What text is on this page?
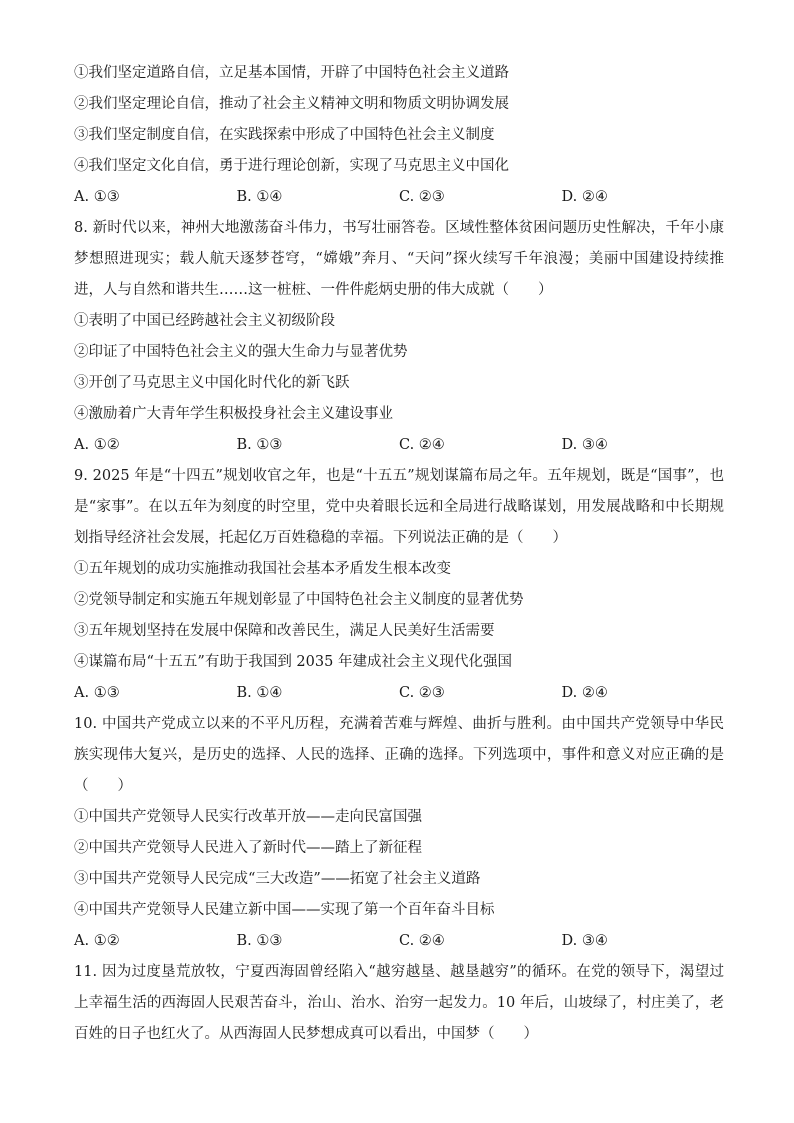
①我们坚定道路自信，立足基本国情，开辟了中国特色社会主义道路
②我们坚定理论自信，推动了社会主义精神文明和物质文明协调发展
③我们坚定制度自信，在实践探索中形成了中国特色社会主义制度
④我们坚定文化自信，勇于进行理论创新，实现了马克思主义中国化
A. ①③	B. ①④	C. ②③	D. ②④
8. 新时代以来，神州大地激荡奋斗伟力，书写壮丽答卷。区域性整体贫困问题历史性解决，千年小康梦想照进现实；载人航天逐梦苍穹，“嫦娥”奔月、“天问”探火续写千年浪漫；美丽中国建设持续推进，人与自然和谐共生……这一桩桩、一件件彪炳史册的伟大成就（　　）
①表明了中国已经跨越社会主义初级阶段
②印证了中国特色社会主义的强大生命力与显著优势
③开创了马克思主义中国化时代化的新飞跃
④激励着广大青年学生积极投身社会主义建设事业
A. ①②	B. ①③	C. ②④	D. ③④
9. 2025 年是“十四五”规划收官之年，也是“十五五”规划谋篇布局之年。五年规划，既是“国事”，也是“家事”。在以五年为刻度的时空里，党中央着眼长远和全局进行战略谋划，用发展战略和中长期规划指导经济社会发展，托起亿万百姓稳稳的幸福。下列说法正确的是（　　）
①五年规划的成功实施推动我国社会基本矛盾发生根本改变
②党领导制定和实施五年规划彰显了中国特色社会主义制度的显著优势
③五年规划坚持在发展中保障和改善民生，满足人民美好生活需要
④谋篇布局“十五五”有助于我国到 2035 年建成社会主义现代化强国
A. ①③	B. ①④	C. ②③	D. ②④
10. 中国共产党成立以来的不平凡历程，充满着苦难与辉煌、曲折与胜利。由中国共产党领导中华民族实现伟大复兴，是历史的选择、人民的选择、正确的选择。下列选项中，事件和意义对应正确的是（　　）
①中国共产党领导人民实行改革开放——走向民富国强
②中国共产党领导人民进入了新时代——踏上了新征程
③中国共产党领导人民完成“三大改造”——拓宽了社会主义道路
④中国共产党领导人民建立新中国——实现了第一个百年奋斗目标
A. ①②	B. ①③	C. ②④	D. ③④
11. 因为过度垦荒放牧，宁夏西海固曾经陷入“越穷越垦、越垦越穷”的循环。在党的领导下，渴望过上幸福生活的西海固人民艰苦奋斗，治山、治水、治穷一起发力。10 年后，山坡绿了，村庄美了，老百姓的日子也红火了。从西海固人民梦想成真可以看出，中国梦（　　）
